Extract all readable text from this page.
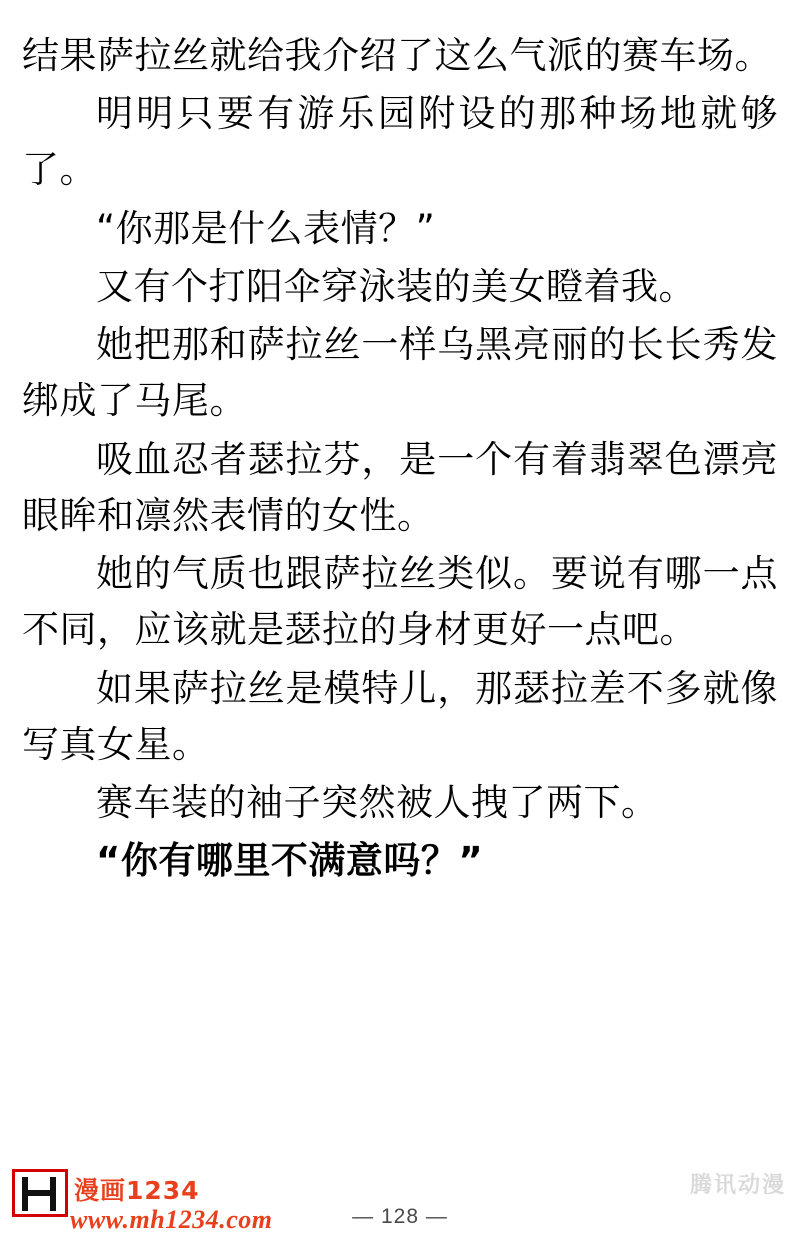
结果萨拉丝就给我介绍了这么气派的赛车场。

明明只要有游乐园附设的那种场地就够了。

“你那是什么表情？”

又有个打阳伞穿泳装的美女瞪着我。

她把那和萨拉丝一样乌黑亮丽的长长秀发绑成了马尾。

吸血忍者瑟拉芬，是一个有着翡翠色漂亮眼眸和凛然表情的女性。

她的气质也跟萨拉丝类似。要说有哪一点不同，应该就是瑟拉的身材更好一点吧。

如果萨拉丝是模特儿，那瑟拉差不多就像写真女星。

赛车装的袖子突然被人拽了两下。

“你有哪里不满意吗？”

漫画1234
www.mh1234.com
腾讯动漫
— 128 —
